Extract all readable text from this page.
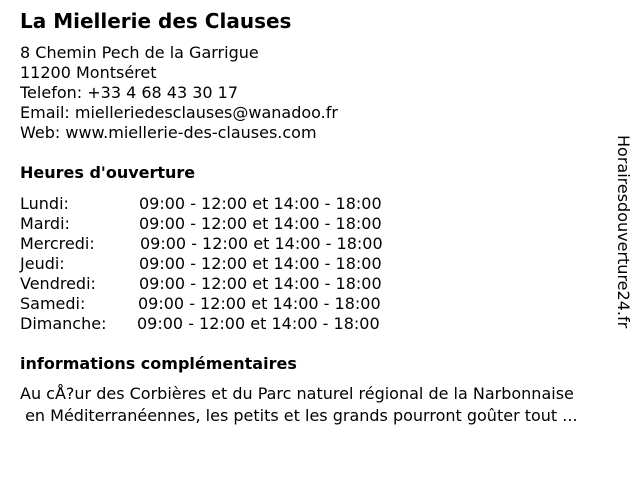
La Miellerie des Clauses
8 Chemin Pech de la Garrigue
11200 Montséret
Telefon: +33 4 68 43 30 17
Email: mielleriedesclauses@wanadoo.fr
Web: www.miellerie-des-clauses.com
Heures d'ouverture
Lundi:	09:00 - 12:00 et 14:00 - 18:00
Mardi:	09:00 - 12:00 et 14:00 - 18:00
Mercredi:	09:00 - 12:00 et 14:00 - 18:00
Jeudi:	09:00 - 12:00 et 14:00 - 18:00
Vendredi:	09:00 - 12:00 et 14:00 - 18:00
Samedi:	09:00 - 12:00 et 14:00 - 18:00
Dimanche: 09:00 - 12:00 et 14:00 - 18:00
informations complémentaires
Au cÅ?ur des Corbières et du Parc naturel régional de la Narbonnaise
en Méditerranéennes, les petits et les grands pourront goûter tout ...
Horairesdouverture24.fr
